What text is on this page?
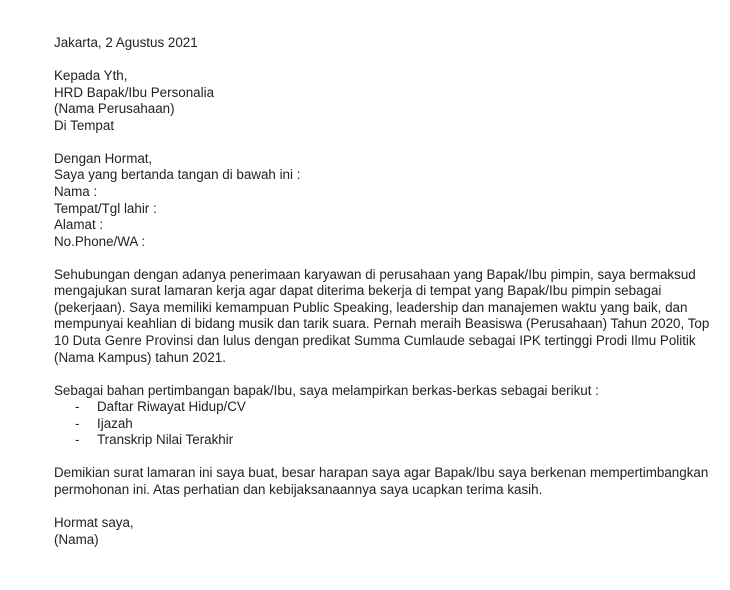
Jakarta, 2 Agustus 2021
Kepada Yth,
HRD Bapak/Ibu Personalia
(Nama Perusahaan)
Di Tempat
Dengan Hormat,
Saya yang bertanda tangan di bawah ini :
Nama :
Tempat/Tgl lahir :
Alamat :
No.Phone/WA :
Sehubungan dengan adanya penerimaan karyawan di perusahaan yang Bapak/Ibu pimpin, saya bermaksud
mengajukan surat lamaran kerja agar dapat diterima bekerja di tempat yang Bapak/Ibu pimpin sebagai
(pekerjaan). Saya memiliki kemampuan Public Speaking, leadership dan manajemen waktu yang baik, dan
mempunyai keahlian di bidang musik dan tarik suara. Pernah meraih Beasiswa (Perusahaan) Tahun 2020, Top
10 Duta Genre Provinsi dan lulus dengan predikat Summa Cumlaude sebagai IPK tertinggi Prodi Ilmu Politik
(Nama Kampus) tahun 2021.
Sebagai bahan pertimbangan bapak/Ibu, saya melampirkan berkas-berkas sebagai berikut :
- Daftar Riwayat Hidup/CV
- Ijazah
- Transkrip Nilai Terakhir
Demikian surat lamaran ini saya buat, besar harapan saya agar Bapak/Ibu saya berkenan mempertimbangkan
permohonan ini. Atas perhatian dan kebijaksanaannya saya ucapkan terima kasih.
Hormat saya,
(Nama)
